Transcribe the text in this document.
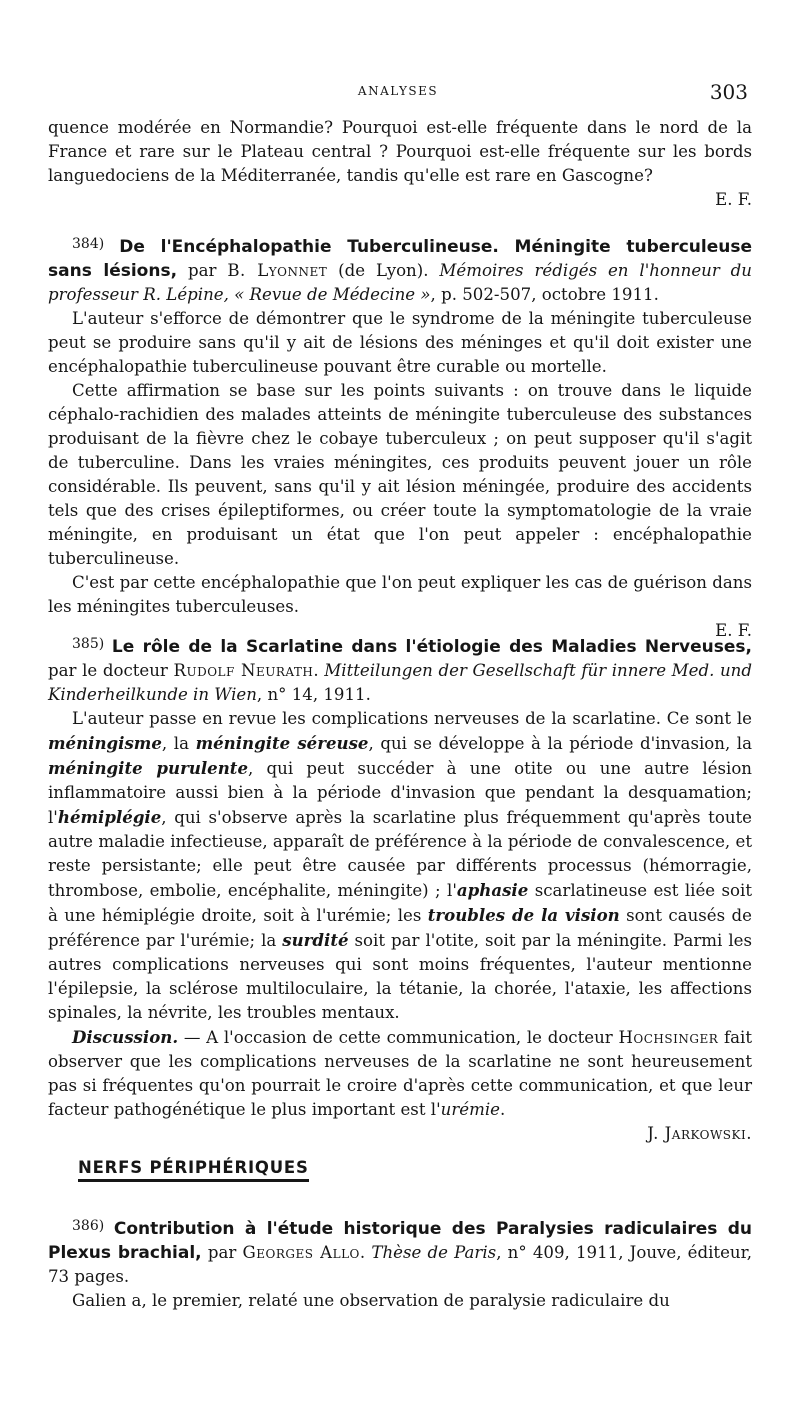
ANALYSES	303

quence modérée en Normandie? Pourquoi est-elle fréquente dans le nord de la France et rare sur le Plateau central ? Pourquoi est-elle fréquente sur les bords languedociens de la Méditerranée, tandis qu'elle est rare en Gascogne?

E. F.

$^{384)}$ De l'Encéphalopathie Tuberculineuse. Méningite tuberculeuse sans lésions, par B. Lyonnet (de Lyon). Mémoires rédigés en l'honneur du professeur R. Lépine, « Revue de Médecine », p. 502-507, octobre 1911.

L'auteur s'efforce de démontrer que le syndrome de la méningite tuberculeuse peut se produire sans qu'il y ait de lésions des méninges et qu'il doit exister une encéphalopathie tuberculineuse pouvant être curable ou mortelle.

Cette affirmation se base sur les points suivants : on trouve dans le liquide céphalo-rachidien des malades atteints de méningite tuberculeuse des substances produisant de la fièvre chez le cobaye tuberculeux ; on peut supposer qu'il s'agit de tuberculine. Dans les vraies méningites, ces produits peuvent jouer un rôle considérable. Ils peuvent, sans qu'il y ait lésion méningée, produire des accidents tels que des crises épileptiformes, ou créer toute la symptomatologie de la vraie méningite, en produisant un état que l'on peut appeler : encéphalopathie tuberculineuse.

C'est par cette encéphalopathie que l'on peut expliquer les cas de guérison dans les méningites tuberculeuses.

E. F.

$^{385)}$ Le rôle de la Scarlatine dans l'étiologie des Maladies Nerveuses, par le docteur Rudolf Neurath. Mitteilungen der Gesellschaft für innere Med. und Kinderheilkunde in Wien, n° 14, 1911.

L'auteur passe en revue les complications nerveuses de la scarlatine. Ce sont le méningisme, la méningite séreuse, qui se développe à la période d'invasion, la méningite purulente, qui peut succéder à une otite ou une autre lésion inflammatoire aussi bien à la période d'invasion que pendant la desquamation; l'hémiplégie, qui s'observe après la scarlatine plus fréquemment qu'après toute autre maladie infectieuse, apparaît de préférence à la période de convalescence, et reste persistante; elle peut être causée par différents processus (hémorragie, thrombose, embolie, encéphalite, méningite) ; l'aphasie scarlatineuse est liée soit à une hémiplégie droite, soit à l'urémie; les troubles de la vision sont causés de préférence par l'urémie; la surdité soit par l'otite, soit par la méningite. Parmi les autres complications nerveuses qui sont moins fréquentes, l'auteur mentionne l'épilepsie, la sclérose multiloculaire, la tétanie, la chorée, l'ataxie, les affections spinales, la névrite, les troubles mentaux.

Discussion. — A l'occasion de cette communication, le docteur Hochsinger fait observer que les complications nerveuses de la scarlatine ne sont heureusement pas si fréquentes qu'on pourrait le croire d'après cette communication, et que leur facteur pathogénétique le plus important est l'urémie.

J. Jarkowski.

NERFS PÉRIPHÉRIQUES

$^{386)}$ Contribution à l'étude historique des Paralysies radiculaires du Plexus brachial, par Georges Allo. Thèse de Paris, n° 409, 1911, Jouve, éditeur, 73 pages.

Galien a, le premier, relaté une observation de paralysie radiculaire du
